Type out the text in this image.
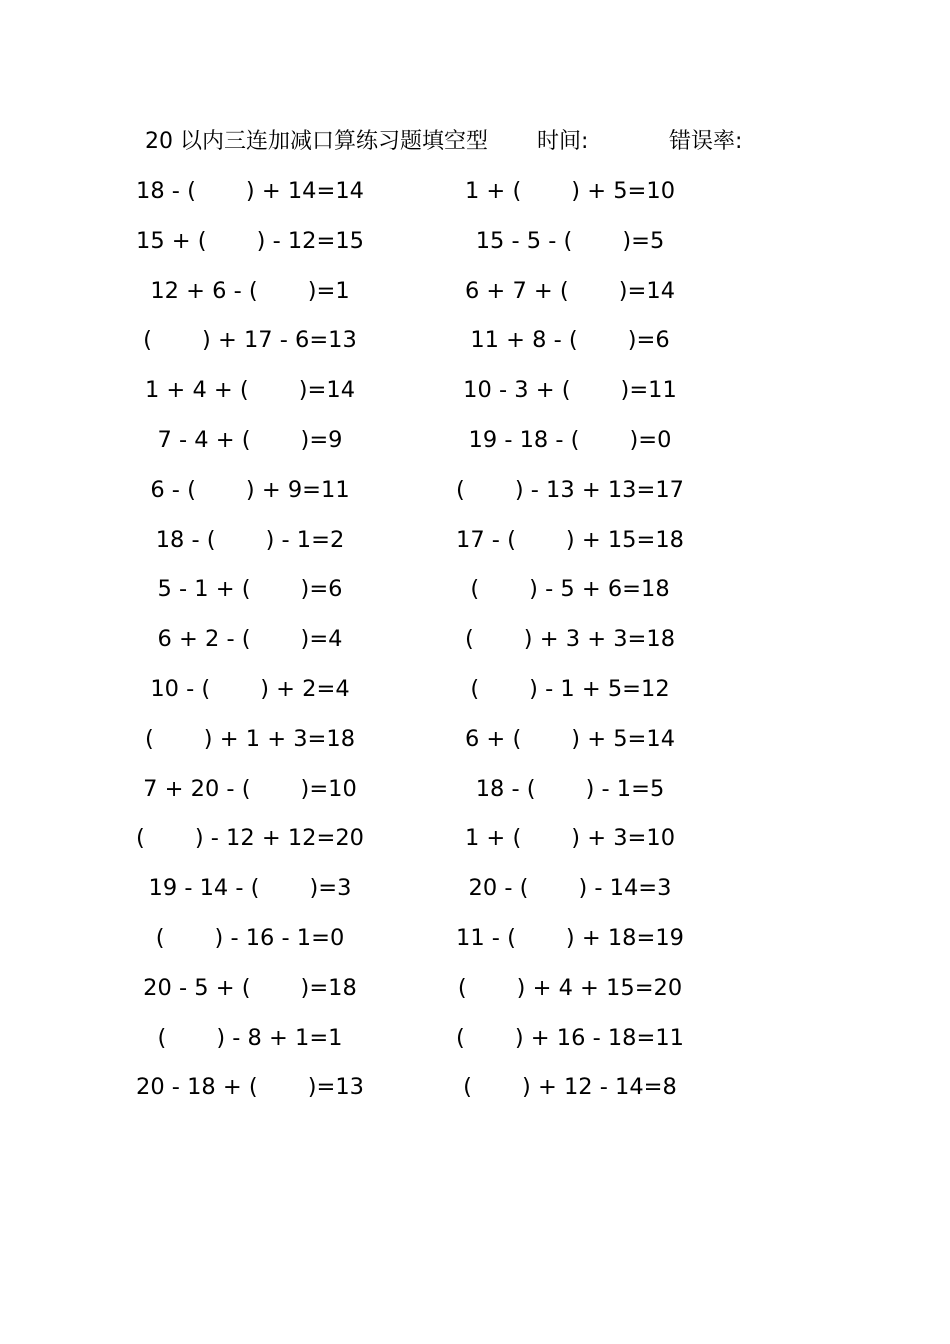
20 以内三连加减口算练习题填空型 时间:	错误率:
18 - (       ) + 14=14
15 + (       ) - 12=15
12 + 6 - (       )=1
(       ) + 17 - 6=13
1 + 4 + (       )=14
7 - 4 + (       )=9
6 - (       ) + 9=11
18 - (       ) - 1=2
5 - 1 + (       )=6
6 + 2 - (       )=4
10 - (       ) + 2=4
(       ) + 1 + 3=18
7 + 20 - (       )=10
(       ) - 12 + 12=20
19 - 14 - (       )=3
(       ) - 16 - 1=0
20 - 5 + (       )=18
(       ) - 8 + 1=1
20 - 18 + (       )=13
1 + (       ) + 5=10
15 - 5 - (       )=5
6 + 7 + (       )=14
11 + 8 - (       )=6
10 - 3 + (       )=11
19 - 18 - (       )=0
(       ) - 13 + 13=17
17 - (       ) + 15=18
(       ) - 5 + 6=18
(       ) + 3 + 3=18
(       ) - 1 + 5=12
6 + (       ) + 5=14
18 - (       ) - 1=5
1 + (       ) + 3=10
20 - (       ) - 14=3
11 - (       ) + 18=19
(       ) + 4 + 15=20
(       ) + 16 - 18=11
(       ) + 12 - 14=8
